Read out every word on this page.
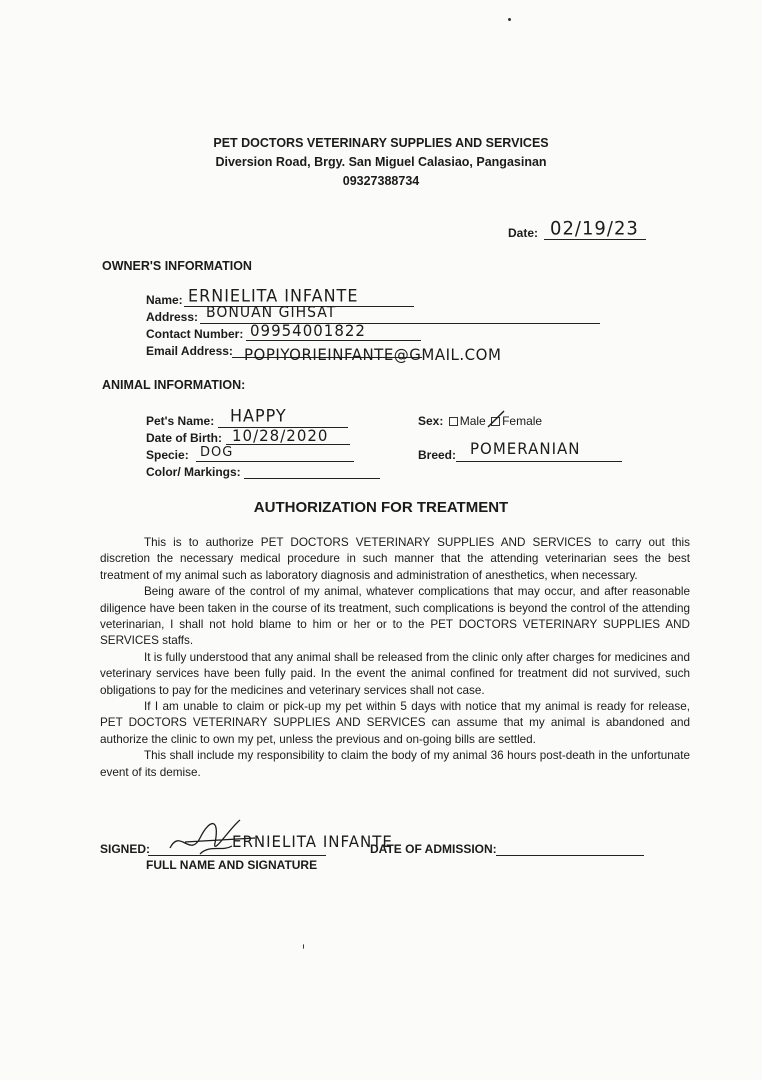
PET DOCTORS VETERINARY SUPPLIES AND SERVICES
Diversion Road, Brgy. San Miguel Calasiao, Pangasinan
09327388734
Date: 02/19/23
OWNER'S INFORMATION
Name: ERNIELITA INFANTE
Address: BONUAN GIHSAT
Contact Number: 09954001822
Email Address: POPIYORIEINFANTE@GMAIL.COM
ANIMAL INFORMATION:
Pet's Name: HAPPY
Date of Birth: 10/28/2020
Specie: DOG
Color/ Markings:
Sex: Male Female
Breed: POMERANIAN
AUTHORIZATION FOR TREATMENT

This is to authorize PET DOCTORS VETERINARY SUPPLIES AND SERVICES to carry out this discretion the necessary medical procedure in such manner that the attending veterinarian sees the best treatment of my animal such as laboratory diagnosis and administration of anesthetics, when necessary.

Being aware of the control of my animal, whatever complications that may occur, and after reasonable diligence have been taken in the course of its treatment, such complications is beyond the control of the attending veterinarian, I shall not hold blame to him or her or to the PET DOCTORS VETERINARY SUPPLIES AND SERVICES staffs.

It is fully understood that any animal shall be released from the clinic only after charges for medicines and veterinary services have been fully paid. In the event the animal confined for treatment did not survived, such obligations to pay for the medicines and veterinary services shall not case.

If I am unable to claim or pick-up my pet within 5 days with notice that my animal is ready for release, PET DOCTORS VETERINARY SUPPLIES AND SERVICES can assume that my animal is abandoned and authorize the clinic to own my pet, unless the previous and on-going bills are settled.

This shall include my responsibility to claim the body of my animal 36 hours post-death in the unfortunate event of its demise.

SIGNED:	ERNIELITA INFANTE
FULL NAME AND SIGNATURE
DATE OF ADMISSION:
